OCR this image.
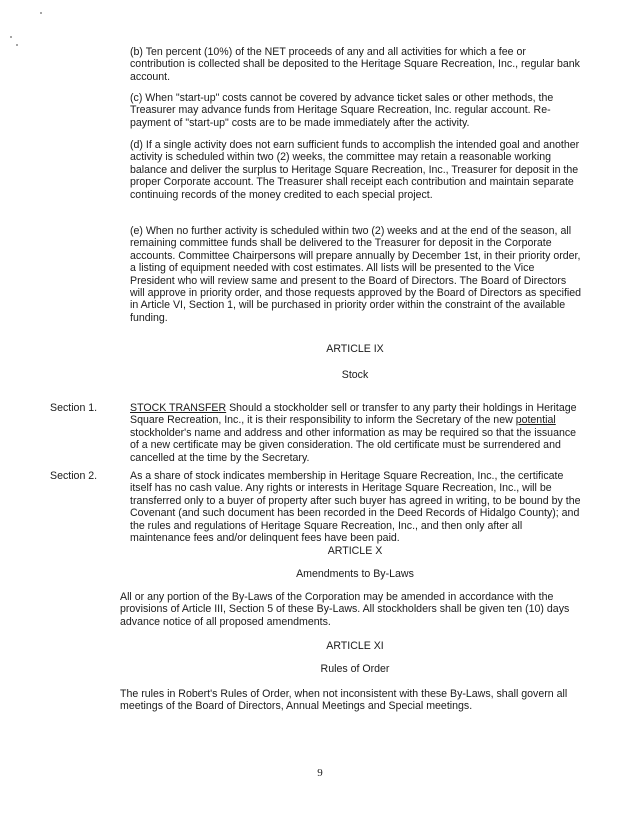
(b) Ten percent (10%) of the NET proceeds of any and all activities for which a fee or contribution is collected shall be deposited to the Heritage Square Recreation, Inc., regular bank account.

(c) When "start-up" costs cannot be covered by advance ticket sales or other methods, the Treasurer may advance funds from Heritage Square Recreation, Inc. regular account. Re-payment of "start-up" costs are to be made immediately after the activity.

(d) If a single activity does not earn sufficient funds to accomplish the intended goal and another activity is scheduled within two (2) weeks, the committee may retain a reasonable working balance and deliver the surplus to Heritage Square Recreation, Inc., Treasurer for deposit in the proper Corporate account. The Treasurer shall receipt each contribution and maintain separate continuing records of the money credited to each special project.

(e) When no further activity is scheduled within two (2) weeks and at the end of the season, all remaining committee funds shall be delivered to the Treasurer for deposit in the Corporate accounts. Committee Chairpersons will prepare annually by December 1st, in their priority order, a listing of equipment needed with cost estimates. All lists will be presented to the Vice President who will review same and present to the Board of Directors. The Board of Directors will approve in priority order, and those requests approved by the Board of Directors as specified in Article VI, Section 1, will be purchased in priority order within the constraint of the available funding.

ARTICLE IX
Stock
Section 1.	STOCK TRANSFER Should a stockholder sell or transfer to any party their holdings in Heritage Square Recreation, Inc., it is their responsibility to inform the Secretary of the new potential stockholder's name and address and other information as may be required so that the issuance of a new certificate may be given consideration. The old certificate must be surrendered and cancelled at the time by the Secretary.

Section 2.	As a share of stock indicates membership in Heritage Square Recreation, Inc., the certificate itself has no cash value. Any rights or interests in Heritage Square Recreation, Inc., will be transferred only to a buyer of property after such buyer has agreed in writing, to be bound by the Covenant (and such document has been recorded in the Deed Records of Hidalgo County); and the rules and regulations of Heritage Square Recreation, Inc., and then only after all maintenance fees and/or delinquent fees have been paid.

ARTICLE X
Amendments to By-Laws

All or any portion of the By-Laws of the Corporation may be amended in accordance with the provisions of Article III, Section 5 of these By-Laws. All stockholders shall be given ten (10) days advance notice of all proposed amendments.

ARTICLE XI
Rules of Order

The rules in Robert's Rules of Order, when not inconsistent with these By-Laws, shall govern all meetings of the Board of Directors, Annual Meetings and Special meetings.

9
